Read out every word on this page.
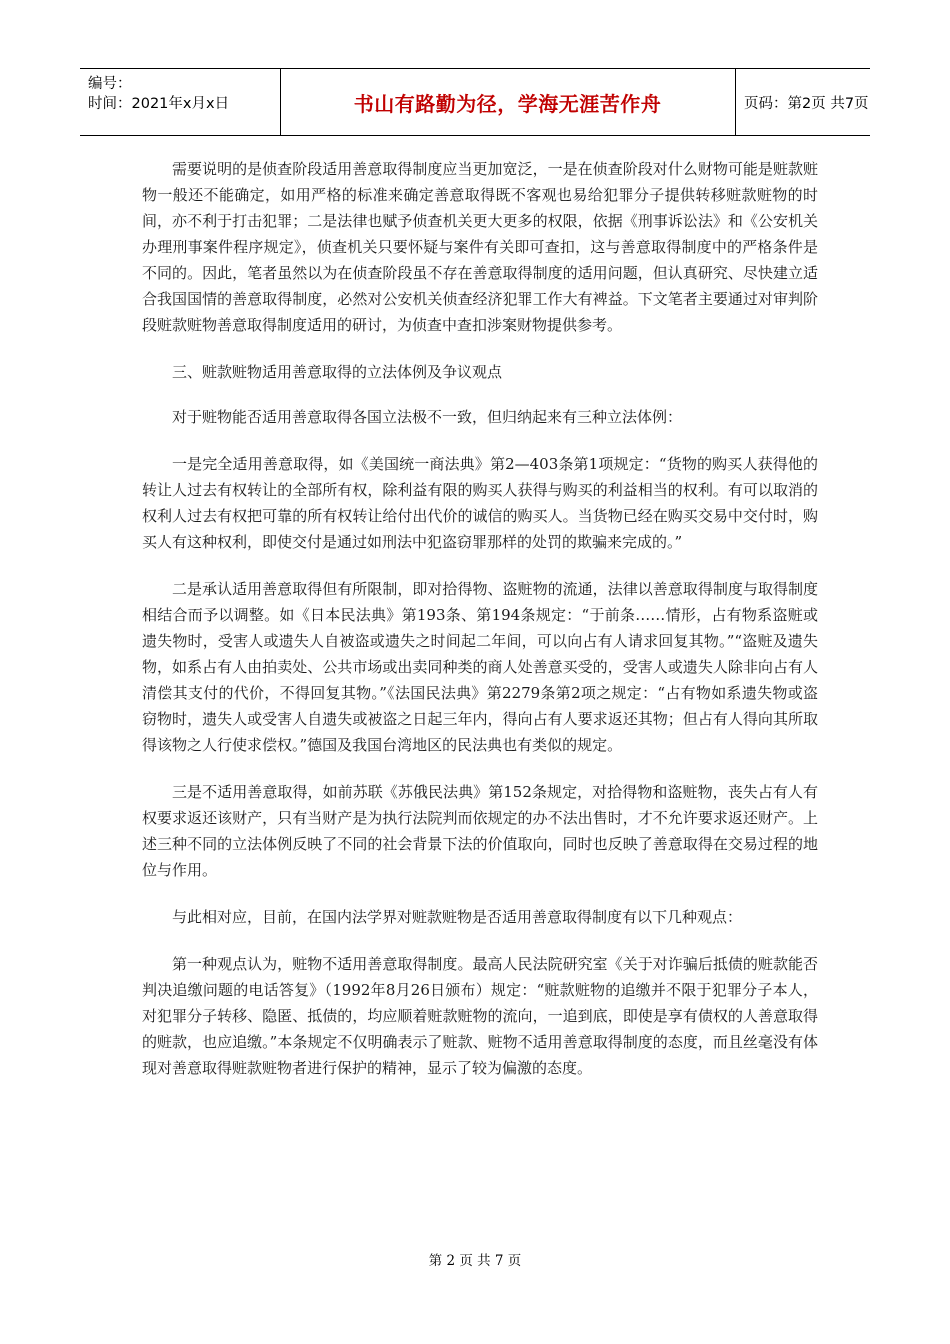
编号：
时间：2021年x月x日	书山有路勤为径，学海无涯苦作舟	页码：第2页 共7页

需要说明的是侦查阶段适用善意取得制度应当更加宽泛，一是在侦查阶段对什么财物可能是赃款赃物一般还不能确定，如用严格的标准来确定善意取得既不客观也易给犯罪分子提供转移赃款赃物的时间，亦不利于打击犯罪；二是法律也赋予侦查机关更大更多的权限，依据《刑事诉讼法》和《公安机关办理刑事案件程序规定》，侦查机关只要怀疑与案件有关即可查扣，这与善意取得制度中的严格条件是不同的。因此，笔者虽然以为在侦查阶段虽不存在善意取得制度的适用问题，但认真研究、尽快建立适合我国国情的善意取得制度，必然对公安机关侦查经济犯罪工作大有裨益。下文笔者主要通过对审判阶段赃款赃物善意取得制度适用的研讨，为侦查中查扣涉案财物提供参考。

三、赃款赃物适用善意取得的立法体例及争议观点

对于赃物能否适用善意取得各国立法极不一致，但归纳起来有三种立法体例：

一是完全适用善意取得，如《美国统一商法典》第2—403条第1项规定：“货物的购买人获得他的转让人过去有权转让的全部所有权，除利益有限的购买人获得与购买的利益相当的权利。有可以取消的权利人过去有权把可靠的所有权转让给付出代价的诚信的购买人。当货物已经在购买交易中交付时，购买人有这种权利，即使交付是通过如刑法中犯盗窃罪那样的处罚的欺骗来完成的。”

二是承认适用善意取得但有所限制，即对拾得物、盗赃物的流通，法律以善意取得制度与取得制度相结合而予以调整。如《日本民法典》第193条、第194条规定：“于前条……情形，占有物系盗赃或遗失物时，受害人或遗失人自被盗或遗失之时间起二年间，可以向占有人请求回复其物。”“盗赃及遗失物，如系占有人由拍卖处、公共市场或出卖同种类的商人处善意买受的，受害人或遗失人除非向占有人清偿其支付的代价，不得回复其物。”《法国民法典》第2279条第2项之规定：“占有物如系遗失物或盗窃物时，遗失人或受害人自遗失或被盗之日起三年内，得向占有人要求返还其物；但占有人得向其所取得该物之人行使求偿权。”德国及我国台湾地区的民法典也有类似的规定。

三是不适用善意取得，如前苏联《苏俄民法典》第152条规定，对拾得物和盗赃物，丧失占有人有权要求返还该财产，只有当财产是为执行法院判而依规定的办不法出售时，才不允许要求返还财产。上述三种不同的立法体例反映了不同的社会背景下法的价值取向，同时也反映了善意取得在交易过程的地位与作用。

与此相对应，目前，在国内法学界对赃款赃物是否适用善意取得制度有以下几种观点：

第一种观点认为，赃物不适用善意取得制度。最高人民法院研究室《关于对诈骗后抵债的赃款能否判决追缴问题的电话答复》（1992年8月26日颁布）规定：“赃款赃物的追缴并不限于犯罪分子本人，对犯罪分子转移、隐匿、抵债的，均应顺着赃款赃物的流向，一追到底，即使是享有债权的人善意取得的赃款，也应追缴。”本条规定不仅明确表示了赃款、赃物不适用善意取得制度的态度，而且丝毫没有体现对善意取得赃款赃物者进行保护的精神，显示了较为偏激的态度。

第 2 页 共 7 页
